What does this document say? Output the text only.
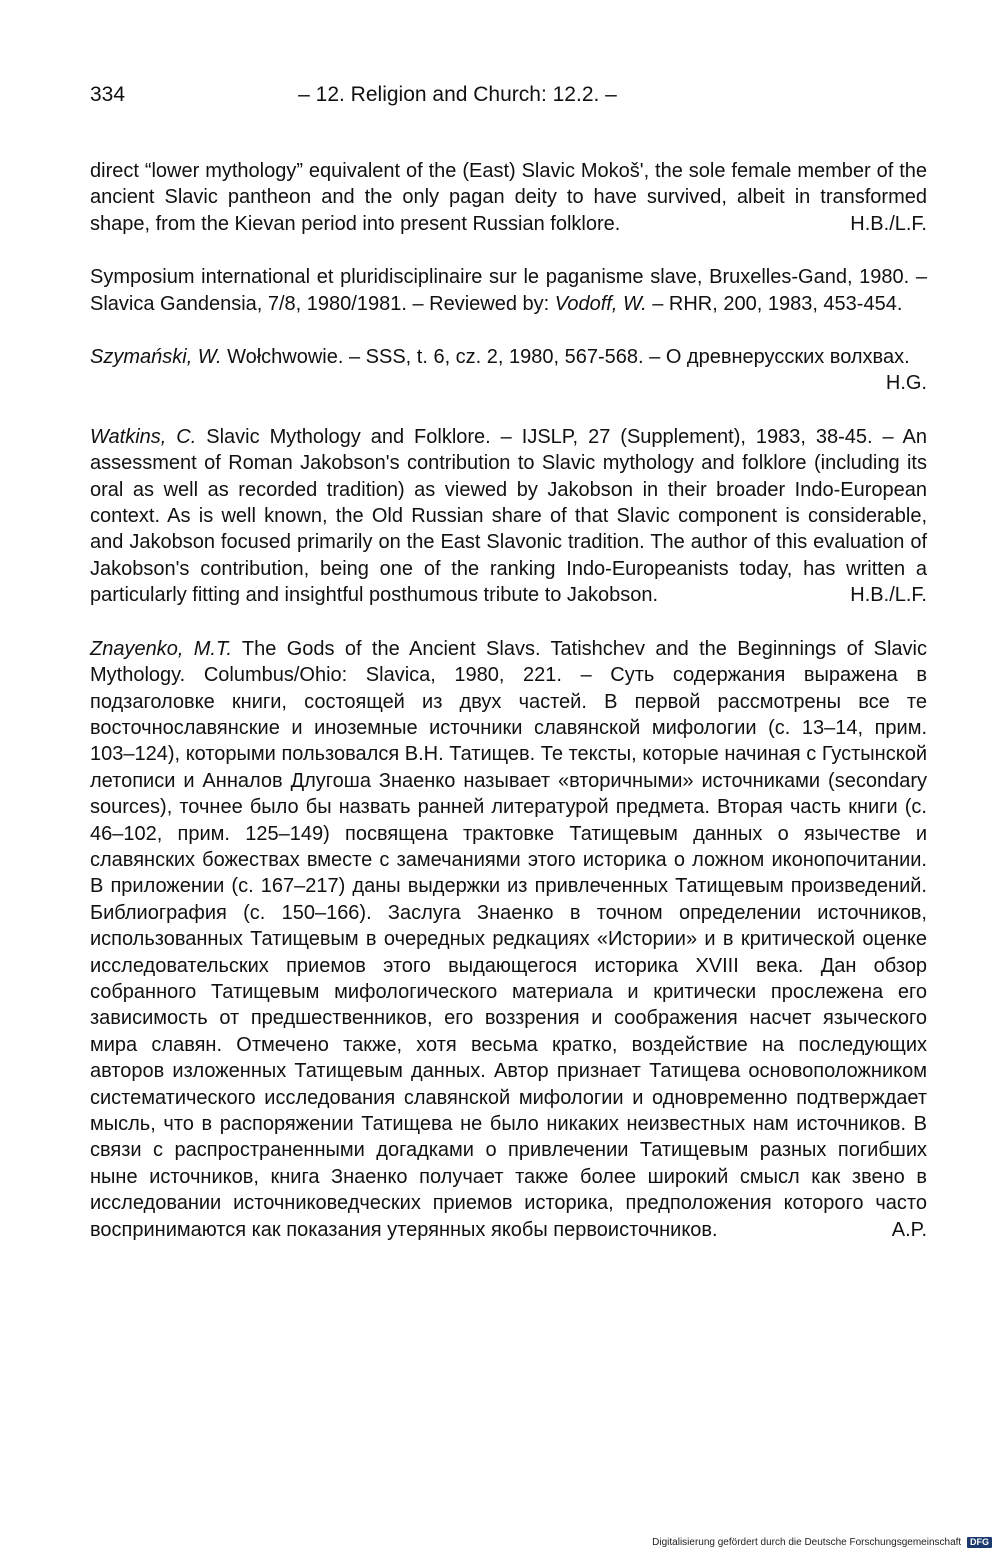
334	– 12. Religion and Church: 12.2. –

direct “lower mythology” equivalent of the (East) Slavic Mokoš', the sole female member of the ancient Slavic pantheon and the only pagan deity to have survived, albeit in transformed shape, from the Kievan period into present Russian folklore.	H.B./L.F.

Symposium international et pluridisciplinaire sur le paganisme slave, Bruxelles-Gand, 1980. – Slavica Gandensia, 7/8, 1980/1981. – Reviewed by: Vodoff, W. – RHR, 200, 1983, 453-454.

Szymański, W. Wołchwowie. – SSS, t. 6, cz. 2, 1980, 567-568. – О древнерусских волхвах.
H.G.

Watkins, C. Slavic Mythology and Folklore. – IJSLP, 27 (Supplement), 1983, 38-45. – An assessment of Roman Jakobson's contribution to Slavic mythology and folklore (including its oral as well as recorded tradition) as viewed by Jakobson in their broader Indo-European context. As is well known, the Old Russian share of that Slavic component is considerable, and Jakobson focused primarily on the East Slavonic tradition. The author of this evaluation of Jakobson's contribution, being one of the ranking Indo-Europeanists today, has written a particularly fitting and insightful posthumous tribute to Jakobson.	H.B./L.F.

Znayenko, M.T. The Gods of the Ancient Slavs. Tatishchev and the Beginnings of Slavic Mythology. Columbus/Ohio: Slavica, 1980, 221. – Суть содержания выражена в подзаголовке книги, состоящей из двух частей. В первой рассмотрены все те восточнославянские и иноземные источники славянской мифологии (с. 13–14, прим. 103–124), которыми пользовался В.Н. Татищев. Те тексты, которые начиная с Густынской летописи и Анналов Длугоша Знаенко называет «вторичными» источниками (secondary sources), точнее было бы назвать ранней литературой предмета. Вторая часть книги (с. 46–102, прим. 125–149) посвящена трактовке Татищевым данных о язычестве и славянских божествах вместе с замечаниями этого историка о ложном иконопочитании. В приложении (с. 167–217) даны выдержки из привлеченных Татищевым произведений. Библиография (с. 150–166). Заслуга Знаенко в точном определении источников, использованных Татищевым в очередных редкациях «Истории» и в критической оценке исследовательских приемов этого выдающегося историка XVIII века. Дан обзор собранного Татищевым мифологического материала и критически прослежена его зависимость от предшественников, его воззрения и соображения насчет языческого мира славян. Отмечено также, хотя весьма кратко, воздействие на последующих авторов изложенных Татищевым данных. Автор признает Татищева основоположником систематического исследования славянской мифологии и одновременно подтверждает мысль, что в распоряжении Татищева не было никаких неизвестных нам источников. В связи с распространенными догадками о привлечении Татищевым разных погибших ныне источников, книга Знаенко получает также более широкий смысл как звено в исследовании источниковедческих приемов историка, предположения которого часто воспринимаются как показания утерянных якобы первоисточников.	A.P.

Digitalisierung gefördert durch die Deutsche Forschungsgemeinschaft DFG
